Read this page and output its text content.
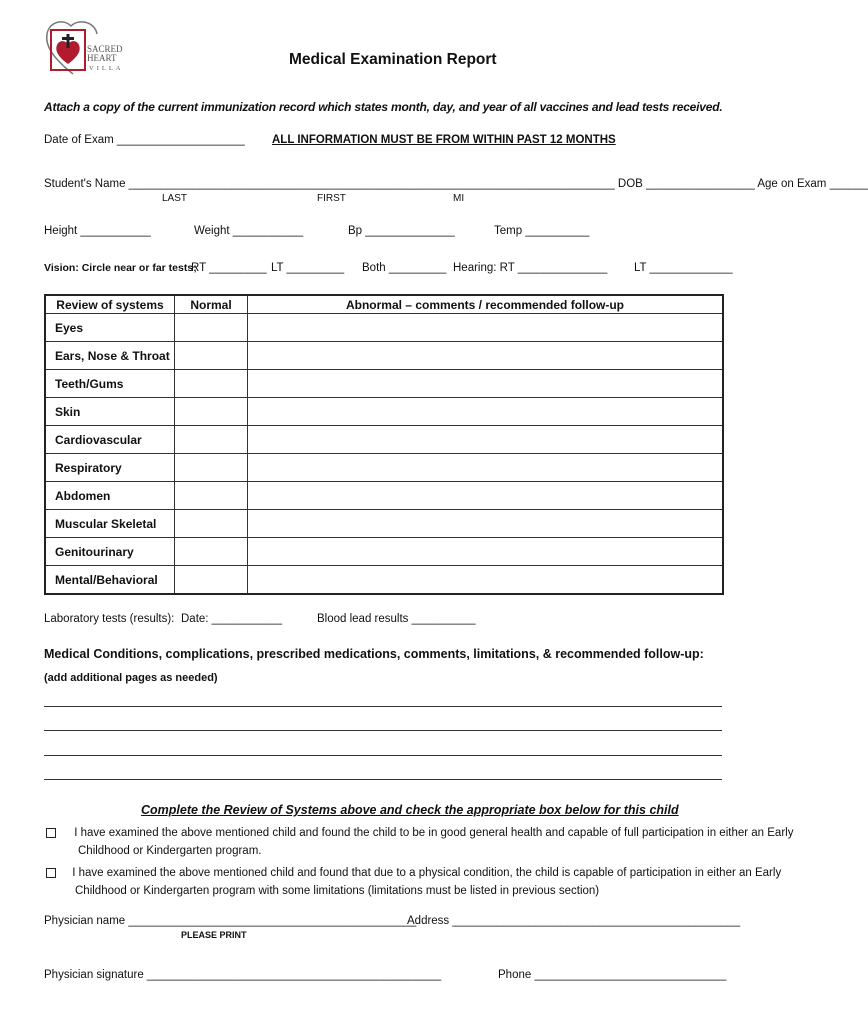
SACRED
HEART
VILLA
Medical Examination Report
Attach a copy of the current immunization record which states month, day, and year of all vaccines and lead tests received.
Date of Exam ____________________ ALL INFORMATION MUST BE FROM WITHIN PAST 12 MONTHS
Student's Name ____________________________________________________________________________ DOB _________________ Age on Exam ______
LAST	FIRST	MI
Height ___________	Weight ___________	Bp ______________	Temp __________
Vision: Circle near or far tests;
RT _________ LT _________ Both _________ Hearing: RT ______________ LT _____________
Review of systems	Normal	Abnormal – comments / recommended follow-up
Eyes		
Ears, Nose & Throat		
Teeth/Gums		
Skin		
Cardiovascular		
Respiratory		
Abdomen		
Muscular Skeletal		
Genitourinary		
Mental/Behavioral		
Laboratory tests (results): Date: ___________	Blood lead results __________
Medical Conditions, complications, prescribed medications, comments, limitations, & recommended follow-up:
(add additional pages as needed)
Complete the Review of Systems above and check the appropriate box below for this child
I have examined the above mentioned child and found the child to be in good general health and capable of full participation in either an Early
Childhood or Kindergarten program.
I have examined the above mentioned child and found that due to a physical condition, the child is capable of participation in either an Early
Childhood or Kindergarten program with some limitations (limitations must be listed in previous section)
Physician name _____________________________________________
PLEASE PRINT
Address _____________________________________________
Physician signature ______________________________________________	Phone ______________________________
